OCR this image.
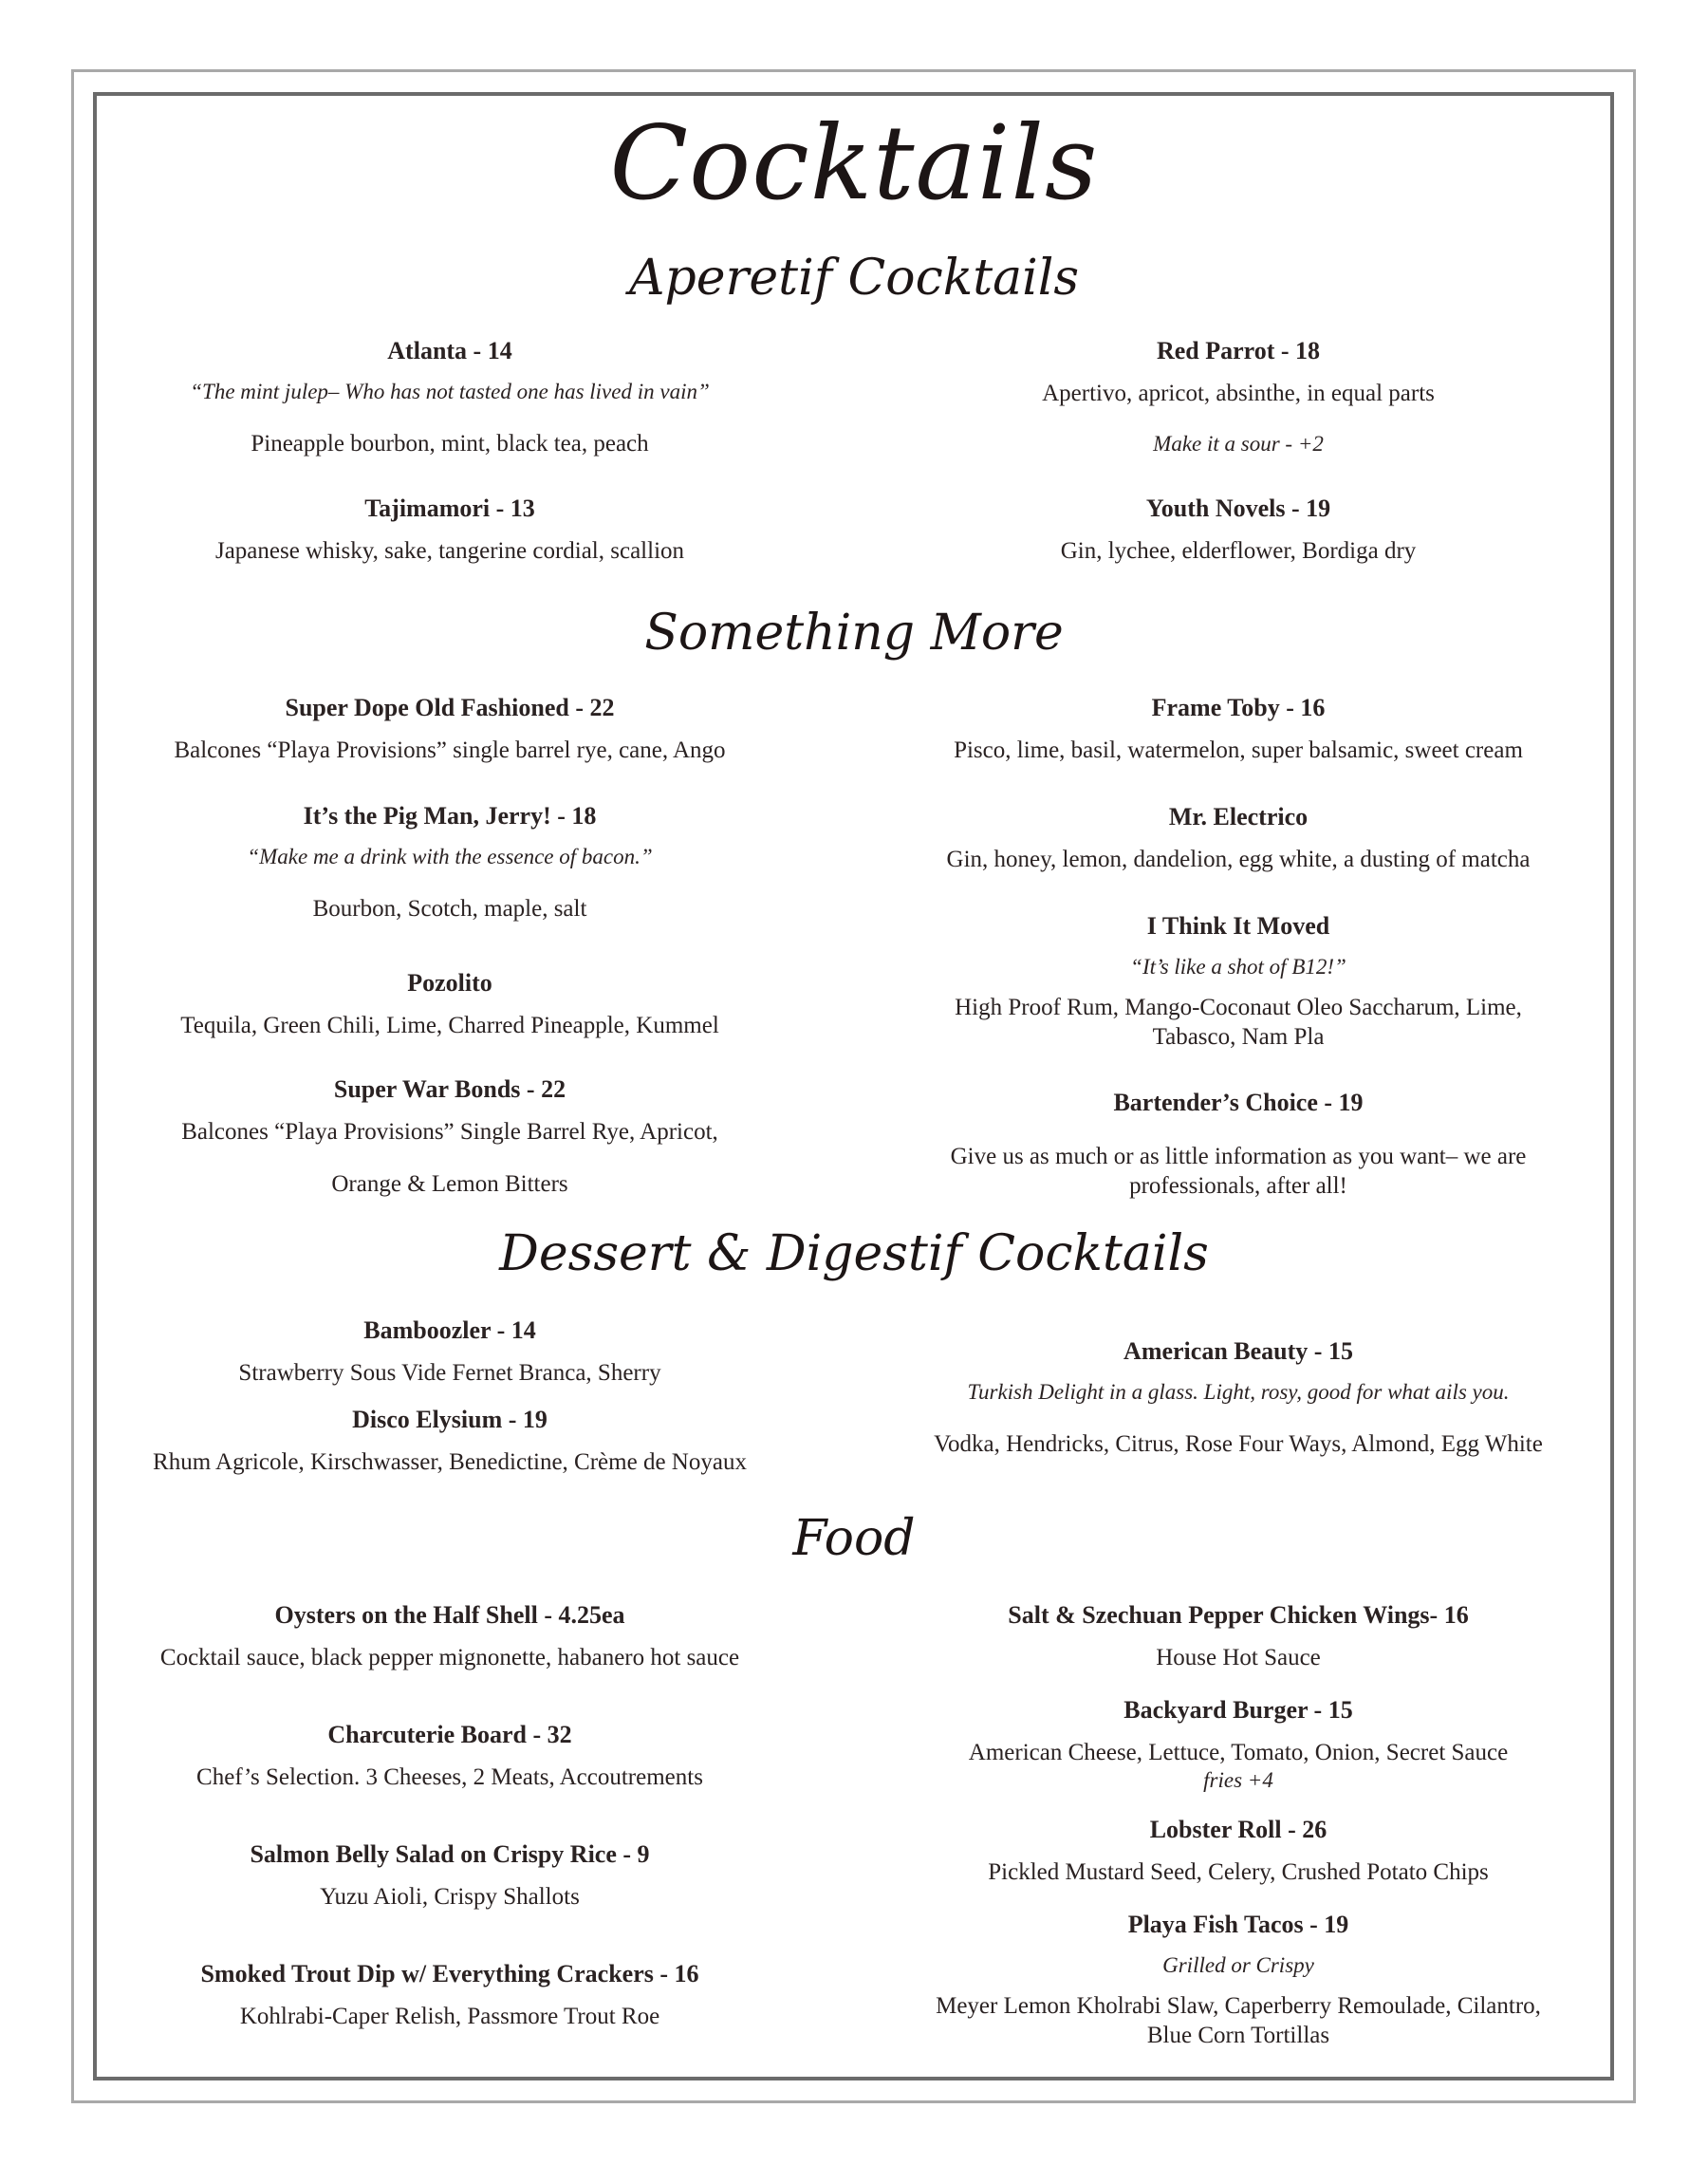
Cocktails
Aperetif Cocktails
Atlanta - 14
“The mint julep– Who has not tasted one has lived in vain”
Pineapple bourbon, mint, black tea, peach
Tajimamori - 13
Japanese whisky, sake, tangerine cordial, scallion
Red Parrot - 18
Apertivo, apricot, absinthe, in equal parts
Make it a sour - +2
Youth Novels - 19
Gin, lychee, elderflower, Bordiga dry
Something More
Super Dope Old Fashioned - 22
Balcones “Playa Provisions” single barrel rye, cane, Ango
It’s the Pig Man, Jerry! - 18
“Make me a drink with the essence of bacon.”
Bourbon, Scotch, maple, salt
Pozolito
Tequila, Green Chili, Lime, Charred Pineapple, Kummel
Super War Bonds - 22
Balcones “Playa Provisions” Single Barrel Rye, Apricot,
Orange & Lemon Bitters
Frame Toby - 16
Pisco, lime, basil, watermelon, super balsamic, sweet cream
Mr. Electrico
Gin, honey, lemon, dandelion, egg white, a dusting of matcha
I Think It Moved
“It’s like a shot of B12!”
High Proof Rum, Mango-Coconaut Oleo Saccharum, Lime,
Tabasco, Nam Pla
Bartender’s Choice - 19
Give us as much or as little information as you want– we are
professionals, after all!
Dessert & Digestif Cocktails
Bamboozler - 14
Strawberry Sous Vide Fernet Branca, Sherry
Disco Elysium - 19
Rhum Agricole, Kirschwasser, Benedictine, Crème de Noyaux
American Beauty - 15
Turkish Delight in a glass. Light, rosy, good for what ails you.
Vodka, Hendricks, Citrus, Rose Four Ways, Almond, Egg White
Food
Oysters on the Half Shell - 4.25ea
Cocktail sauce, black pepper mignonette, habanero hot sauce
Charcuterie Board - 32
Chef’s Selection. 3 Cheeses, 2 Meats, Accoutrements
Salmon Belly Salad on Crispy Rice - 9
Yuzu Aioli, Crispy Shallots
Smoked Trout Dip w/ Everything Crackers - 16
Kohlrabi-Caper Relish, Passmore Trout Roe
Salt & Szechuan Pepper Chicken Wings- 16
House Hot Sauce
Backyard Burger - 15
American Cheese, Lettuce, Tomato, Onion, Secret Sauce
fries +4
Lobster Roll - 26
Pickled Mustard Seed, Celery, Crushed Potato Chips
Playa Fish Tacos - 19
Grilled or Crispy
Meyer Lemon Kholrabi Slaw, Caperberry Remoulade, Cilantro,
Blue Corn Tortillas
